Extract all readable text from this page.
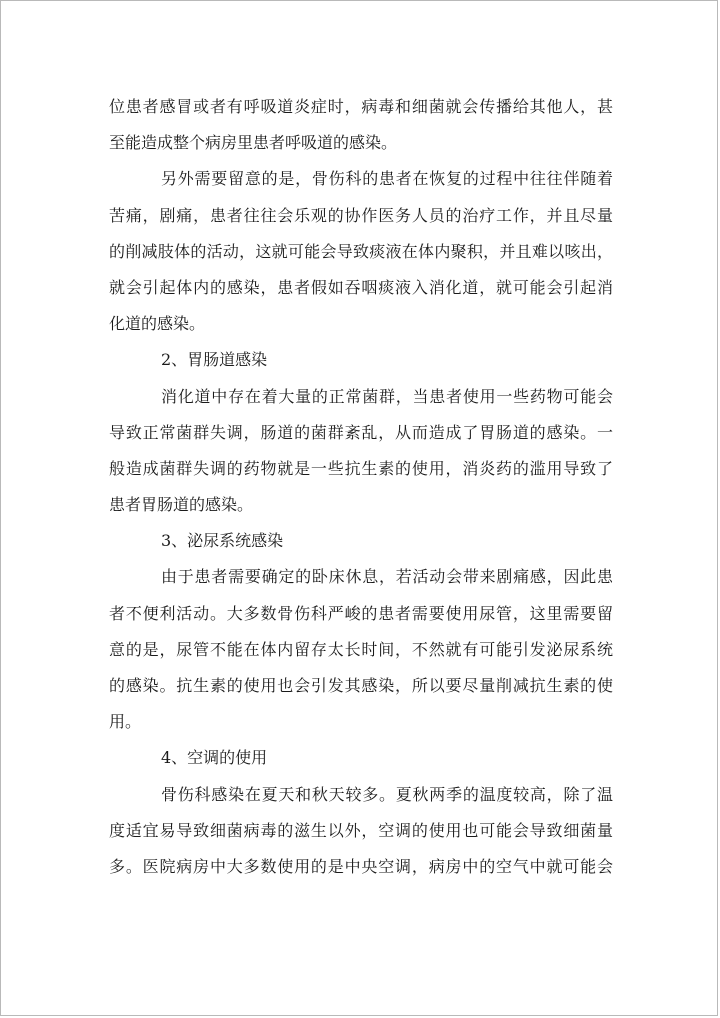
位患者感冒或者有呼吸道炎症时，病毒和细菌就会传播给其他人，甚
至能造成整个病房里患者呼吸道的感染。
另外需要留意的是，骨伤科的患者在恢复的过程中往往伴随着
苦痛，剧痛，患者往往会乐观的协作医务人员的治疗工作，并且尽量
的削减肢体的活动，这就可能会导致痰液在体内聚积，并且难以咳出，
就会引起体内的感染，患者假如吞咽痰液入消化道，就可能会引起消
化道的感染。
2、胃肠道感染
消化道中存在着大量的正常菌群，当患者使用一些药物可能会
导致正常菌群失调，肠道的菌群紊乱，从而造成了胃肠道的感染。一
般造成菌群失调的药物就是一些抗生素的使用，消炎药的滥用导致了
患者胃肠道的感染。
3、泌尿系统感染
由于患者需要确定的卧床休息，若活动会带来剧痛感，因此患
者不便利活动。大多数骨伤科严峻的患者需要使用尿管，这里需要留
意的是，尿管不能在体内留存太长时间，不然就有可能引发泌尿系统
的感染。抗生素的使用也会引发其感染，所以要尽量削减抗生素的使
用。
4、空调的使用
骨伤科感染在夏天和秋天较多。夏秋两季的温度较高，除了温
度适宜易导致细菌病毒的滋生以外，空调的使用也可能会导致细菌量
多。医院病房中大多数使用的是中央空调，病房中的空气中就可能会
